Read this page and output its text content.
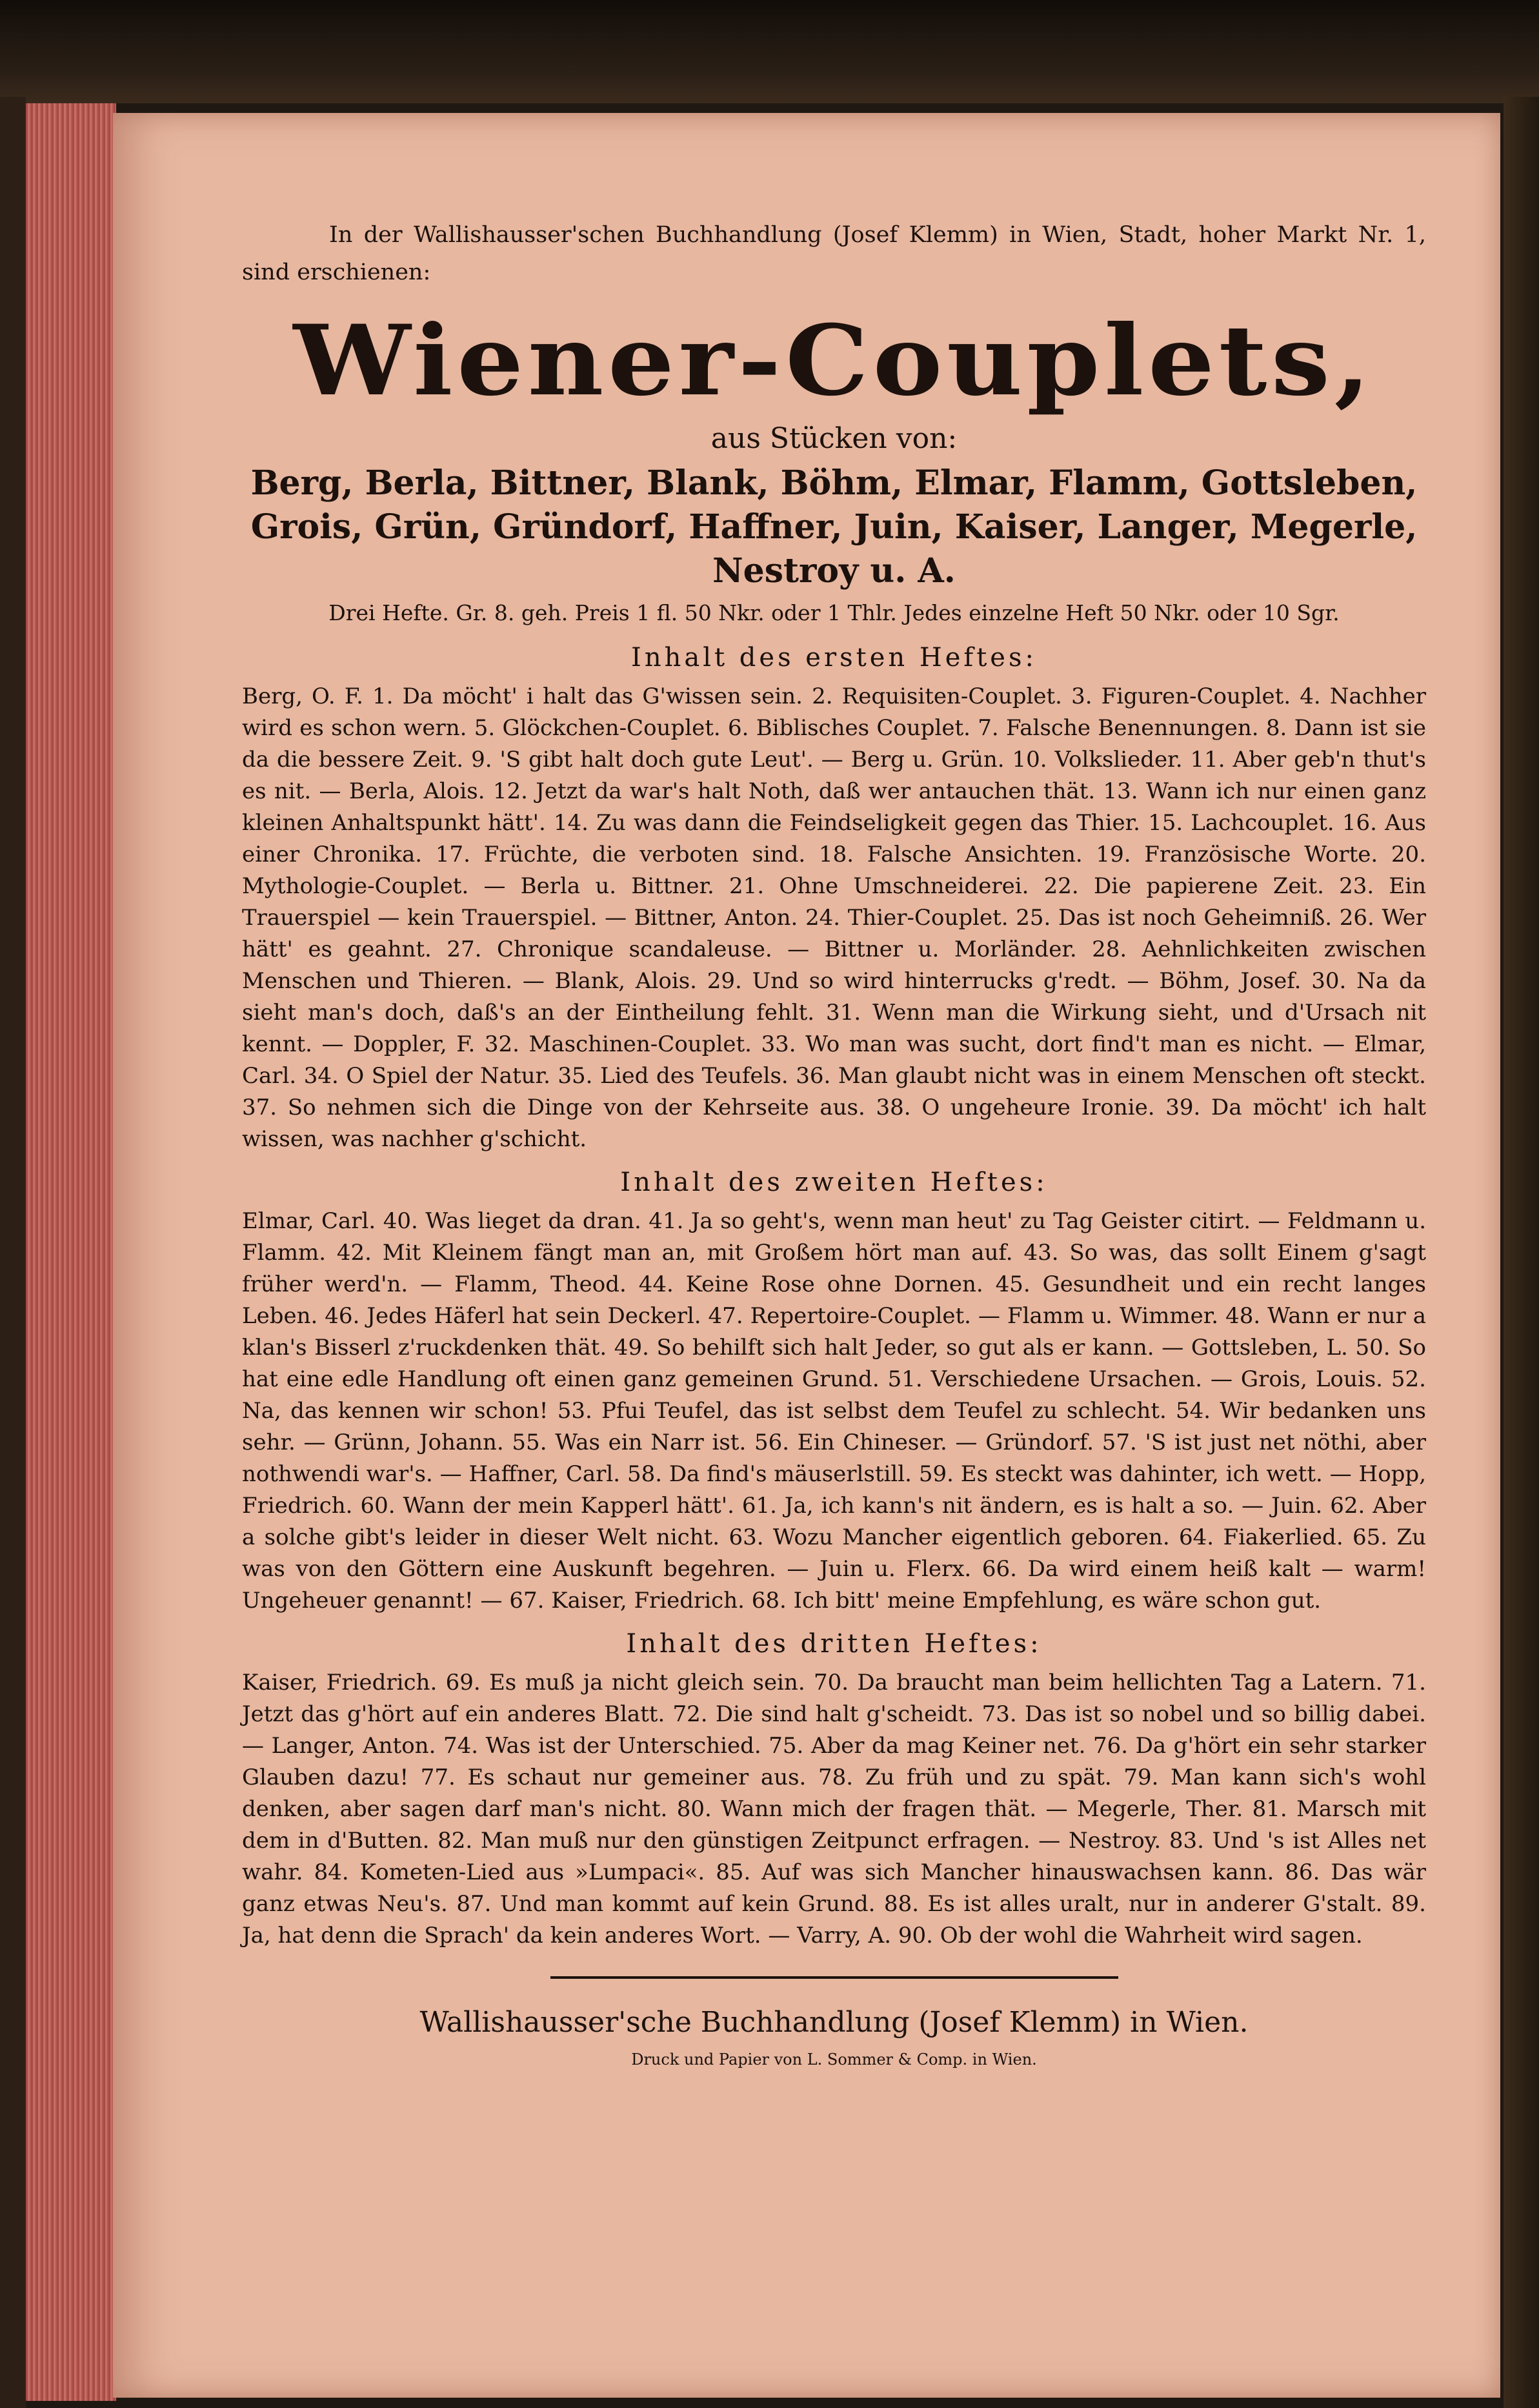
In der Wallishausser'schen Buchhandlung (Josef Klemm) in Wien, Stadt, hoher Markt Nr. 1, sind erschienen:

Wiener-Couplets,

aus Stücken von:

Berg, Berla, Bittner, Blank, Böhm, Elmar, Flamm, Gottsleben, Grois, Grün, Gründorf, Haffner, Juin, Kaiser, Langer, Megerle, Nestroy u. A.

Drei Hefte. Gr. 8. geh. Preis 1 fl. 50 Nkr. oder 1 Thlr. Jedes einzelne Heft 50 Nkr. oder 10 Sgr.

Inhalt des ersten Heftes:

Berg, O. F. 1. Da möcht' i halt das G'wissen sein. 2. Requisiten-Couplet. 3. Figuren-Couplet. 4. Nachher wird es schon wern. 5. Glöckchen-Couplet. 6. Biblisches Couplet. 7. Falsche Benennungen. 8. Dann ist sie da die bessere Zeit. 9. 'S gibt halt doch gute Leut'. — Berg u. Grün. 10. Volkslieder. 11. Aber geb'n thut's es nit. — Berla, Alois. 12. Jetzt da war's halt Noth, daß wer antauchen thät. 13. Wann ich nur einen ganz kleinen Anhaltspunkt hätt'. 14. Zu was dann die Feindseligkeit gegen das Thier. 15. Lachcouplet. 16. Aus einer Chronika. 17. Früchte, die verboten sind. 18. Falsche Ansichten. 19. Französische Worte. 20. Mythologie-Couplet. — Berla u. Bittner. 21. Ohne Umschneiderei. 22. Die papierene Zeit. 23. Ein Trauerspiel — kein Trauerspiel. — Bittner, Anton. 24. Thier-Couplet. 25. Das ist noch Geheimniß. 26. Wer hätt' es geahnt. 27. Chronique scandaleuse. — Bittner u. Morländer. 28. Aehnlichkeiten zwischen Menschen und Thieren. — Blank, Alois. 29. Und so wird hinterrucks g'redt. — Böhm, Josef. 30. Na da sieht man's doch, daß's an der Eintheilung fehlt. 31. Wenn man die Wirkung sieht, und d'Ursach nit kennt. — Doppler, F. 32. Maschinen-Couplet. 33. Wo man was sucht, dort find't man es nicht. — Elmar, Carl. 34. O Spiel der Natur. 35. Lied des Teufels. 36. Man glaubt nicht was in einem Menschen oft steckt. 37. So nehmen sich die Dinge von der Kehrseite aus. 38. O ungeheure Ironie. 39. Da möcht' ich halt wissen, was nachher g'schicht.

Inhalt des zweiten Heftes:

Elmar, Carl. 40. Was lieget da dran. 41. Ja so geht's, wenn man heut' zu Tag Geister citirt. — Feldmann u. Flamm. 42. Mit Kleinem fängt man an, mit Großem hört man auf. 43. So was, das sollt Einem g'sagt früher werd'n. — Flamm, Theod. 44. Keine Rose ohne Dornen. 45. Gesundheit und ein recht langes Leben. 46. Jedes Häferl hat sein Deckerl. 47. Repertoire-Couplet. — Flamm u. Wimmer. 48. Wann er nur a klan's Bisserl z'ruckdenken thät. 49. So behilft sich halt Jeder, so gut als er kann. — Gottsleben, L. 50. So hat eine edle Handlung oft einen ganz gemeinen Grund. 51. Verschiedene Ursachen. — Grois, Louis. 52. Na, das kennen wir schon! 53. Pfui Teufel, das ist selbst dem Teufel zu schlecht. 54. Wir bedanken uns sehr. — Grünn, Johann. 55. Was ein Narr ist. 56. Ein Chineser. — Gründorf. 57. 'S ist just net nöthi, aber nothwendi war's. — Haffner, Carl. 58. Da find's mäuserlstill. 59. Es steckt was dahinter, ich wett. — Hopp, Friedrich. 60. Wann der mein Kapperl hätt'. 61. Ja, ich kann's nit ändern, es is halt a so. — Juin. 62. Aber a solche gibt's leider in dieser Welt nicht. 63. Wozu Mancher eigentlich geboren. 64. Fiakerlied. 65. Zu was von den Göttern eine Auskunft begehren. — Juin u. Flerx. 66. Da wird einem heiß kalt — warm! Ungeheuer genannt! — 67. Kaiser, Friedrich. 68. Ich bitt' meine Empfehlung, es wäre schon gut.

Inhalt des dritten Heftes:

Kaiser, Friedrich. 69. Es muß ja nicht gleich sein. 70. Da braucht man beim hellichten Tag a Latern. 71. Jetzt das g'hört auf ein anderes Blatt. 72. Die sind halt g'scheidt. 73. Das ist so nobel und so billig dabei. — Langer, Anton. 74. Was ist der Unterschied. 75. Aber da mag Keiner net. 76. Da g'hört ein sehr starker Glauben dazu! 77. Es schaut nur gemeiner aus. 78. Zu früh und zu spät. 79. Man kann sich's wohl denken, aber sagen darf man's nicht. 80. Wann mich der fragen thät. — Megerle, Ther. 81. Marsch mit dem in d'Butten. 82. Man muß nur den günstigen Zeitpunct erfragen. — Nestroy. 83. Und 's ist Alles net wahr. 84. Kometen-Lied aus »Lumpaci«. 85. Auf was sich Mancher hinauswachsen kann. 86. Das wär ganz etwas Neu's. 87. Und man kommt auf kein Grund. 88. Es ist alles uralt, nur in anderer G'stalt. 89. Ja, hat denn die Sprach' da kein anderes Wort. — Varry, A. 90. Ob der wohl die Wahrheit wird sagen.

Wallishausser'sche Buchhandlung (Josef Klemm) in Wien.

Druck und Papier von L. Sommer & Comp. in Wien.
